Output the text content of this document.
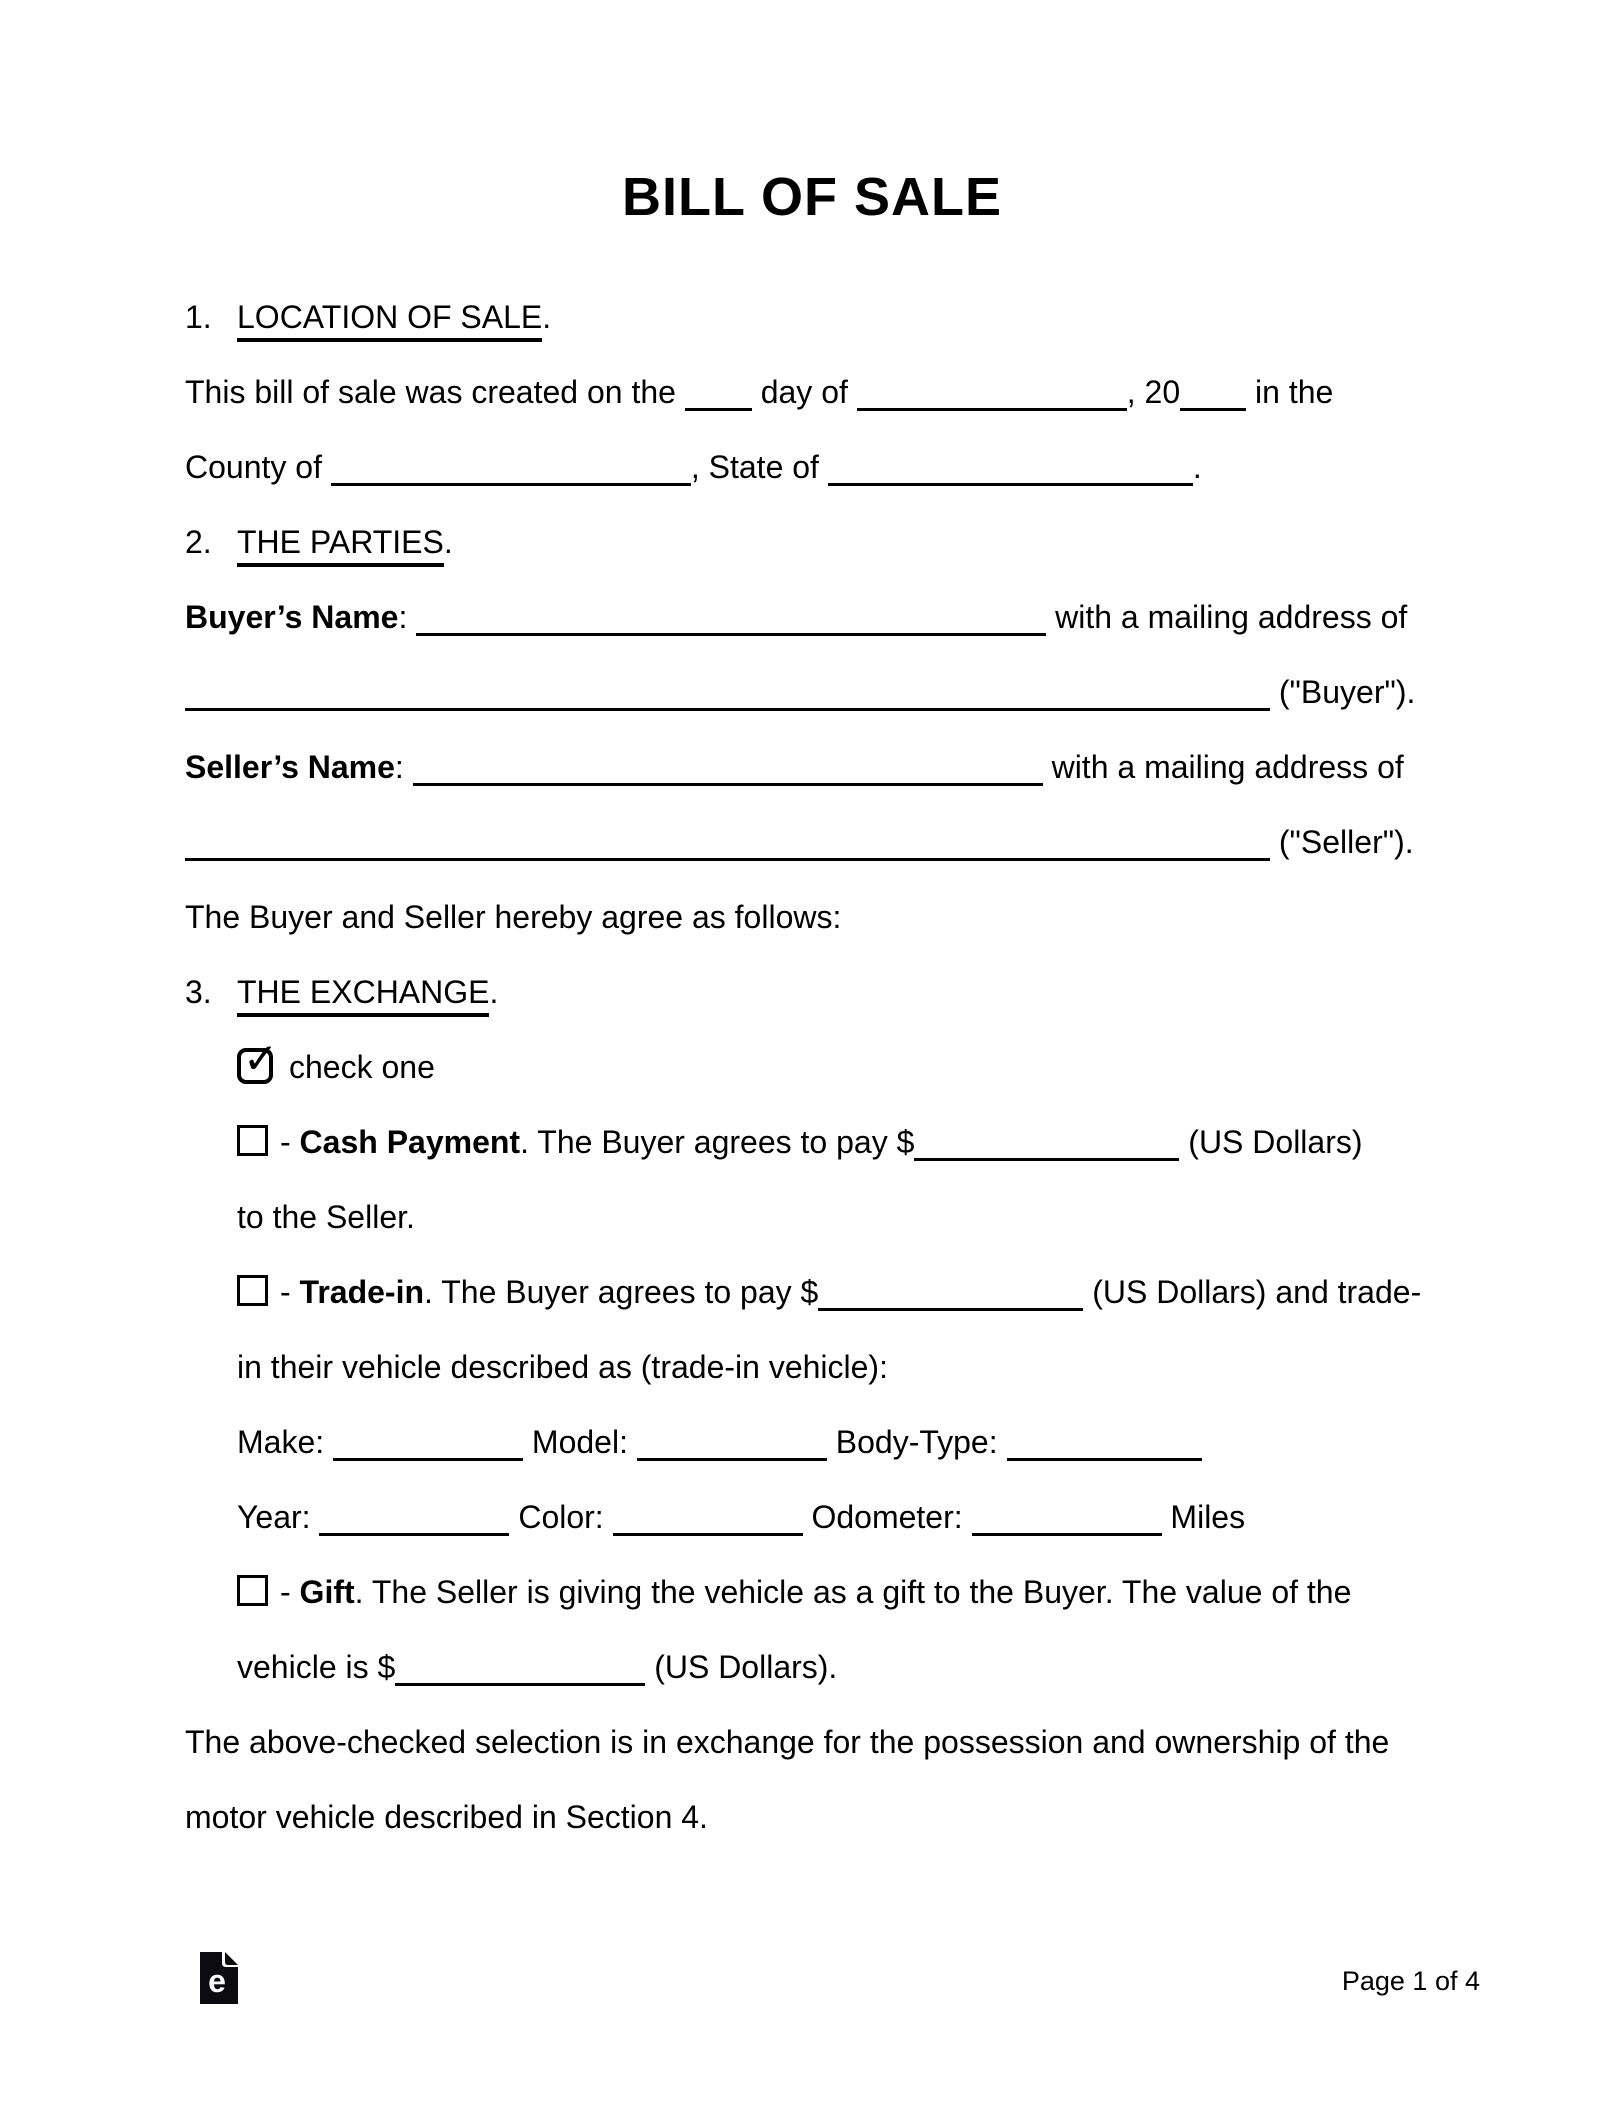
BILL OF SALE
1. LOCATION OF SALE.
This bill of sale was created on the  day of	, 20 in the
County of	, State of	.
2. THE PARTIES.
Buyer’s Name:	with a mailing address of
("Buyer").
Seller’s Name:	with a mailing address of
("Seller").
The Buyer and Seller hereby agree as follows:
3. THE EXCHANGE.
✓ check one
- Cash Payment. The Buyer agrees to pay $	(US Dollars)
to the Seller.
- Trade-in. The Buyer agrees to pay $	(US Dollars) and trade-
in their vehicle described as (trade-in vehicle):
Make:	Model:	Body-Type:
Year:	Color:	Odometer:	Miles
- Gift. The Seller is giving the vehicle as a gift to the Buyer. The value of the
vehicle is $	(US Dollars).
The above-checked selection is in exchange for the possession and ownership of the
motor vehicle described in Section 4.
e	Page 1 of 4
